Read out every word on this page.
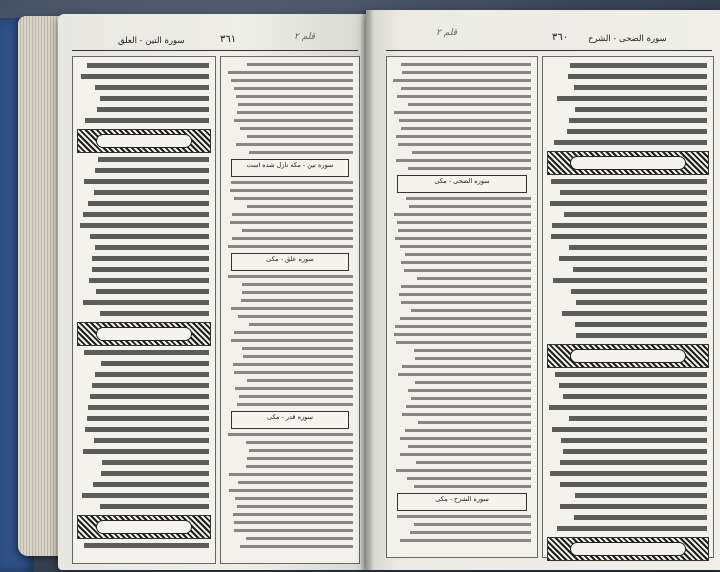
سورة التين - العلق	٣٦١	قلم ۲
سوره تین - مکه نازل شده است
سوره علق - مکی
سوره قدر - مکی
قلم ۲	٣٦٠ سورة الضحى - الشرح
سوره الضحی - مکی
سوره الشرح - مکی
